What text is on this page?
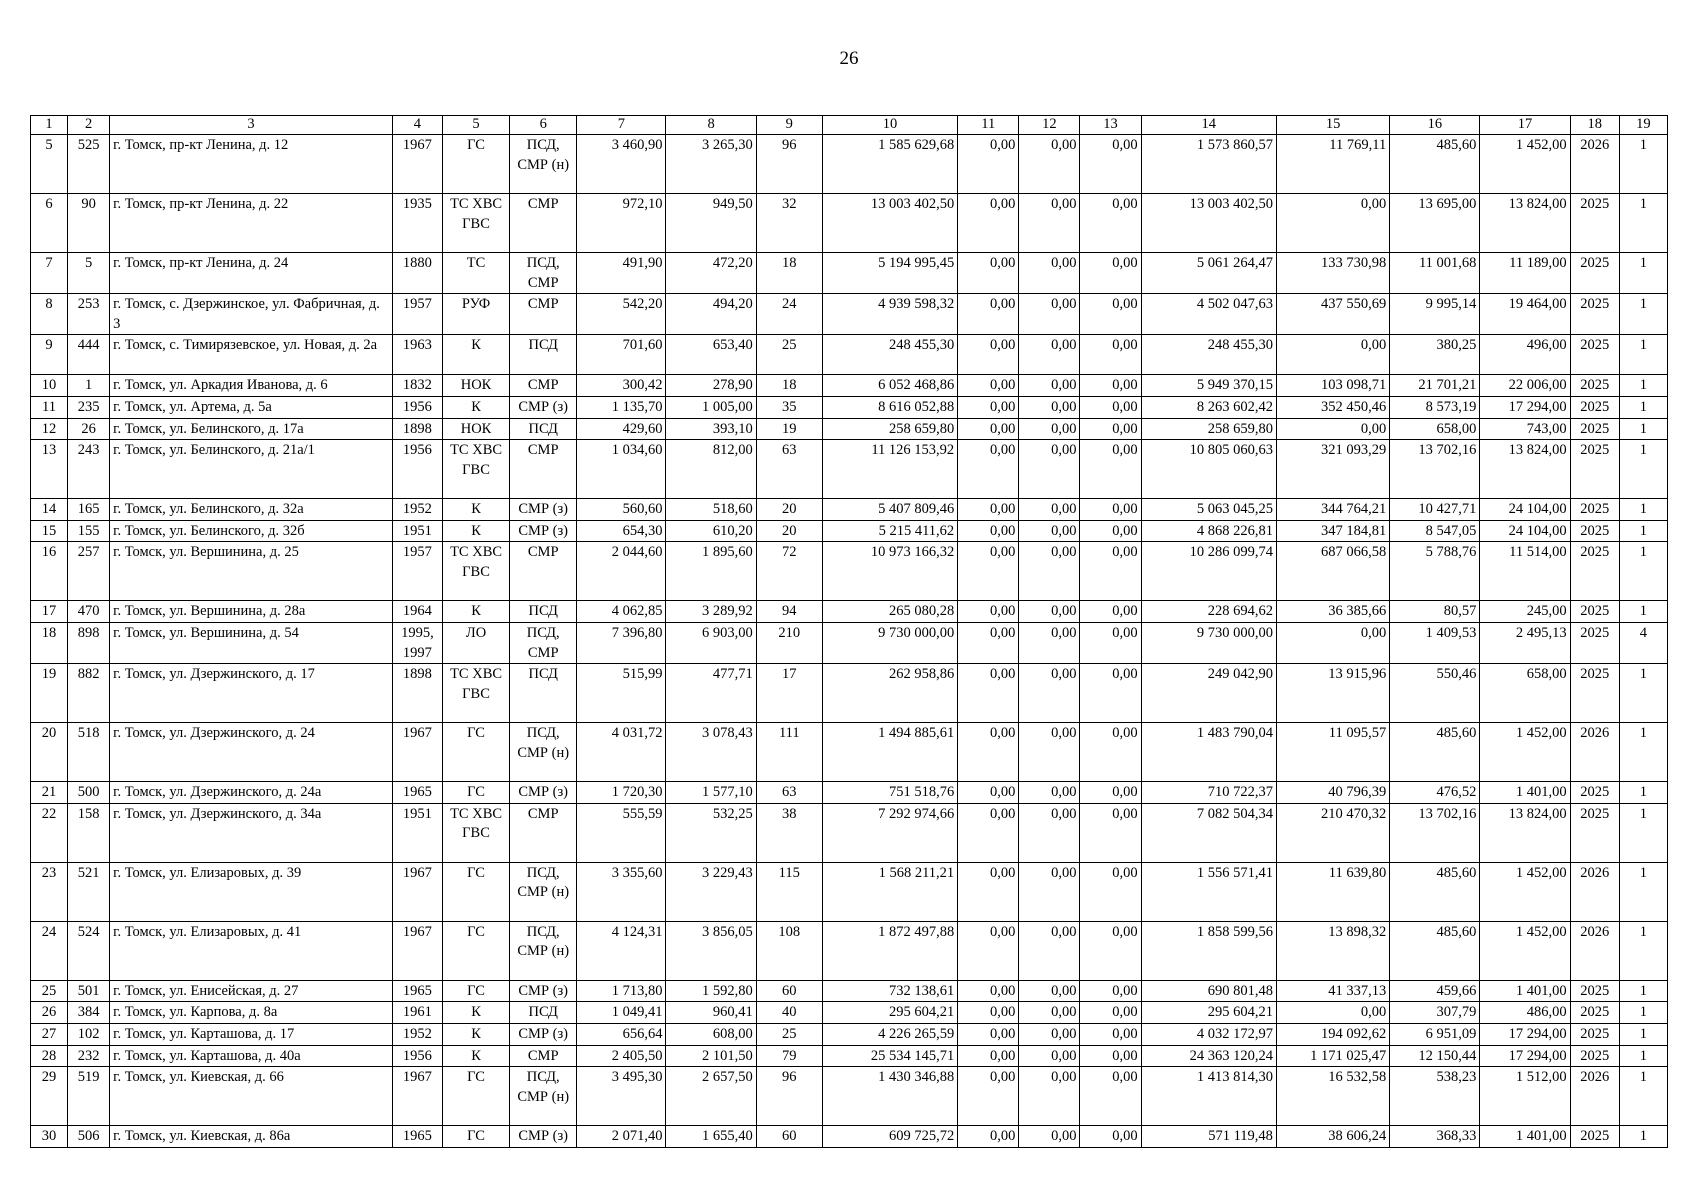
26
1	2	3	4	5	6	7	8	9	10	11	12	13	14	15	16	17	18	19
5	525	г. Томск, пр-кт Ленина, д. 12	1967	ГС	ПСД, СМР (н)	3 460,90	3 265,30	96	1 585 629,68	0,00	0,00	0,00	1 573 860,57	11 769,11	485,60	1 452,00	2026	1
6	90	г. Томск, пр-кт Ленина, д. 22	1935	ТС ХВС ГВС	СМР	972,10	949,50	32	13 003 402,50	0,00	0,00	0,00	13 003 402,50	0,00	13 695,00	13 824,00	2025	1
7	5	г. Томск, пр-кт Ленина, д. 24	1880	ТС	ПСД, СМР	491,90	472,20	18	5 194 995,45	0,00	0,00	0,00	5 061 264,47	133 730,98	11 001,68	11 189,00	2025	1
8	253	г. Томск, с. Дзержинское, ул. Фабричная, д. 3	1957	РУФ	СМР	542,20	494,20	24	4 939 598,32	0,00	0,00	0,00	4 502 047,63	437 550,69	9 995,14	19 464,00	2025	1
9	444	г. Томск, с. Тимирязевское, ул. Новая, д. 2а	1963	К	ПСД	701,60	653,40	25	248 455,30	0,00	0,00	0,00	248 455,30	0,00	380,25	496,00	2025	1
10	1	г. Томск, ул. Аркадия Иванова, д. 6	1832	НОК	СМР	300,42	278,90	18	6 052 468,86	0,00	0,00	0,00	5 949 370,15	103 098,71	21 701,21	22 006,00	2025	1
11	235	г. Томск, ул. Артема, д. 5а	1956	К	СМР (з)	1 135,70	1 005,00	35	8 616 052,88	0,00	0,00	0,00	8 263 602,42	352 450,46	8 573,19	17 294,00	2025	1
12	26	г. Томск, ул. Белинского, д. 17а	1898	НОК	ПСД	429,60	393,10	19	258 659,80	0,00	0,00	0,00	258 659,80	0,00	658,00	743,00	2025	1
13	243	г. Томск, ул. Белинского, д. 21а/1	1956	ТС ХВС ГВС	СМР	1 034,60	812,00	63	11 126 153,92	0,00	0,00	0,00	10 805 060,63	321 093,29	13 702,16	13 824,00	2025	1
14	165	г. Томск, ул. Белинского, д. 32а	1952	К	СМР (з)	560,60	518,60	20	5 407 809,46	0,00	0,00	0,00	5 063 045,25	344 764,21	10 427,71	24 104,00	2025	1
15	155	г. Томск, ул. Белинского, д. 32б	1951	К	СМР (з)	654,30	610,20	20	5 215 411,62	0,00	0,00	0,00	4 868 226,81	347 184,81	8 547,05	24 104,00	2025	1
16	257	г. Томск, ул. Вершинина, д. 25	1957	ТС ХВС ГВС	СМР	2 044,60	1 895,60	72	10 973 166,32	0,00	0,00	0,00	10 286 099,74	687 066,58	5 788,76	11 514,00	2025	1
17	470	г. Томск, ул. Вершинина, д. 28а	1964	К	ПСД	4 062,85	3 289,92	94	265 080,28	0,00	0,00	0,00	228 694,62	36 385,66	80,57	245,00	2025	1
18	898	г. Томск, ул. Вершинина, д. 54	1995, 1997	ЛО	ПСД, СМР	7 396,80	6 903,00	210	9 730 000,00	0,00	0,00	0,00	9 730 000,00	0,00	1 409,53	2 495,13	2025	4
19	882	г. Томск, ул. Дзержинского, д. 17	1898	ТС ХВС ГВС	ПСД	515,99	477,71	17	262 958,86	0,00	0,00	0,00	249 042,90	13 915,96	550,46	658,00	2025	1
20	518	г. Томск, ул. Дзержинского, д. 24	1967	ГС	ПСД, СМР (н)	4 031,72	3 078,43	111	1 494 885,61	0,00	0,00	0,00	1 483 790,04	11 095,57	485,60	1 452,00	2026	1
21	500	г. Томск, ул. Дзержинского, д. 24а	1965	ГС	СМР (з)	1 720,30	1 577,10	63	751 518,76	0,00	0,00	0,00	710 722,37	40 796,39	476,52	1 401,00	2025	1
22	158	г. Томск, ул. Дзержинского, д. 34а	1951	ТС ХВС ГВС	СМР	555,59	532,25	38	7 292 974,66	0,00	0,00	0,00	7 082 504,34	210 470,32	13 702,16	13 824,00	2025	1
23	521	г. Томск, ул. Елизаровых, д. 39	1967	ГС	ПСД, СМР (н)	3 355,60	3 229,43	115	1 568 211,21	0,00	0,00	0,00	1 556 571,41	11 639,80	485,60	1 452,00	2026	1
24	524	г. Томск, ул. Елизаровых, д. 41	1967	ГС	ПСД, СМР (н)	4 124,31	3 856,05	108	1 872 497,88	0,00	0,00	0,00	1 858 599,56	13 898,32	485,60	1 452,00	2026	1
25	501	г. Томск, ул. Енисейская, д. 27	1965	ГС	СМР (з)	1 713,80	1 592,80	60	732 138,61	0,00	0,00	0,00	690 801,48	41 337,13	459,66	1 401,00	2025	1
26	384	г. Томск, ул. Карпова, д. 8а	1961	К	ПСД	1 049,41	960,41	40	295 604,21	0,00	0,00	0,00	295 604,21	0,00	307,79	486,00	2025	1
27	102	г. Томск, ул. Карташова, д. 17	1952	К	СМР (з)	656,64	608,00	25	4 226 265,59	0,00	0,00	0,00	4 032 172,97	194 092,62	6 951,09	17 294,00	2025	1
28	232	г. Томск, ул. Карташова, д. 40а	1956	К	СМР	2 405,50	2 101,50	79	25 534 145,71	0,00	0,00	0,00	24 363 120,24	1 171 025,47	12 150,44	17 294,00	2025	1
29	519	г. Томск, ул. Киевская, д. 66	1967	ГС	ПСД, СМР (н)	3 495,30	2 657,50	96	1 430 346,88	0,00	0,00	0,00	1 413 814,30	16 532,58	538,23	1 512,00	2026	1
30	506	г. Томск, ул. Киевская, д. 86а	1965	ГС	СМР (з)	2 071,40	1 655,40	60	609 725,72	0,00	0,00	0,00	571 119,48	38 606,24	368,33	1 401,00	2025	1
